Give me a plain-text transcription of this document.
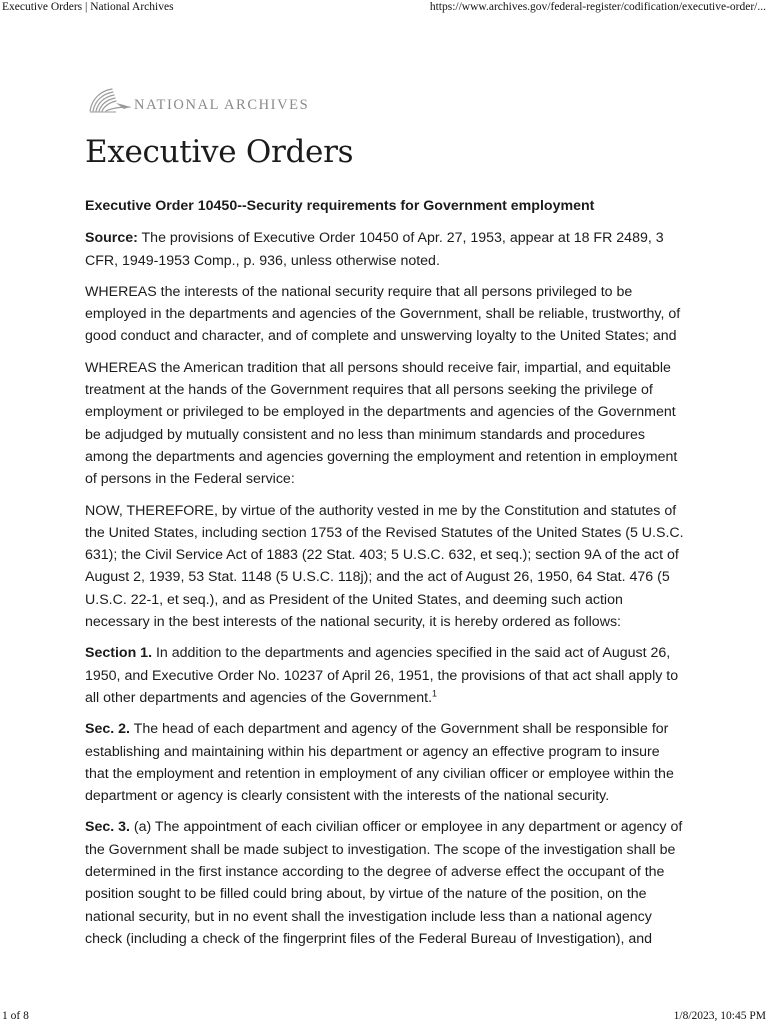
Executive Orders | National Archives	https://www.archives.gov/federal-register/codification/executive-order/...
NATIONAL ARCHIVES
Executive Orders

Executive Order 10450--Security requirements for Government employment

Source: The provisions of Executive Order 10450 of Apr. 27, 1953, appear at 18 FR 2489, 3 CFR, 1949-1953 Comp., p. 936, unless otherwise noted.

WHEREAS the interests of the national security require that all persons privileged to be employed in the departments and agencies of the Government, shall be reliable, trustworthy, of good conduct and character, and of complete and unswerving loyalty to the United States; and

WHEREAS the American tradition that all persons should receive fair, impartial, and equitable treatment at the hands of the Government requires that all persons seeking the privilege of employment or privileged to be employed in the departments and agencies of the Government be adjudged by mutually consistent and no less than minimum standards and procedures among the departments and agencies governing the employment and retention in employment of persons in the Federal service:

NOW, THEREFORE, by virtue of the authority vested in me by the Constitution and statutes of the United States, including section 1753 of the Revised Statutes of the United States (5 U.S.C. 631); the Civil Service Act of 1883 (22 Stat. 403; 5 U.S.C. 632, et seq.); section 9A of the act of August 2, 1939, 53 Stat. 1148 (5 U.S.C. 118j); and the act of August 26, 1950, 64 Stat. 476 (5 U.S.C. 22-1, et seq.), and as President of the United States, and deeming such action necessary in the best interests of the national security, it is hereby ordered as follows:

Section 1. In addition to the departments and agencies specified in the said act of August 26, 1950, and Executive Order No. 10237 of April 26, 1951, the provisions of that act shall apply to all other departments and agencies of the Government.$^1$

Sec. 2. The head of each department and agency of the Government shall be responsible for establishing and maintaining within his department or agency an effective program to insure that the employment and retention in employment of any civilian officer or employee within the department or agency is clearly consistent with the interests of the national security.

Sec. 3. (a) The appointment of each civilian officer or employee in any department or agency of the Government shall be made subject to investigation. The scope of the investigation shall be determined in the first instance according to the degree of adverse effect the occupant of the position sought to be filled could bring about, by virtue of the nature of the position, on the national security, but in no event shall the investigation include less than a national agency check (including a check of the fingerprint files of the Federal Bureau of Investigation), and

1 of 8	1/8/2023, 10:45 PM
